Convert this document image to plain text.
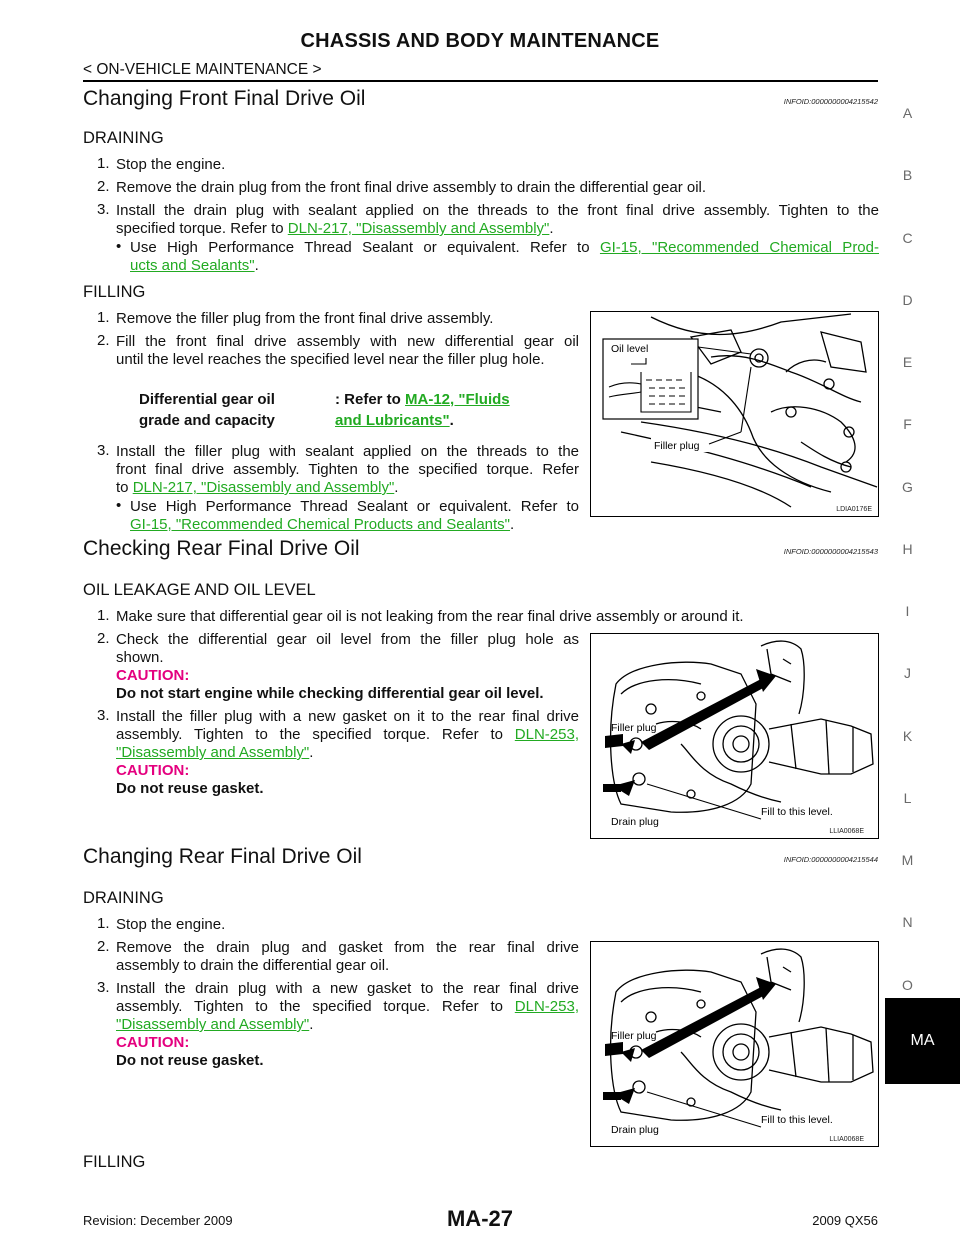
CHASSIS AND BODY MAINTENANCE
< ON-VEHICLE MAINTENANCE >
A
B
C
D
E
F
G
H
I
J
K
L
M
N
O
MA
Changing Front Final Drive Oil	INFOID:0000000004215542
DRAINING
1. Stop the engine.
2. Remove the drain plug from the front final drive assembly to drain the differential gear oil.
3. Install the drain plug with sealant applied on the threads to the front final drive assembly. Tighten to the
specified torque. Refer to DLN-217, "Disassembly and Assembly".
• Use High Performance Thread Sealant or equivalent. Refer to GI-15, "Recommended Chemical Prod-
ucts and Sealants".
FILLING
1. Remove the filler plug from the front final drive assembly.
2. Fill the front final drive assembly with new differential gear oil
until the level reaches the specified level near the filler plug hole.
Differential gear oil
grade and capacity
: Refer to MA-12, "Fluids
and Lubricants".
3. Install the filler plug with sealant applied on the threads to the
front final drive assembly. Tighten to the specified torque. Refer
to DLN-217, "Disassembly and Assembly".
• Use High Performance Thread Sealant or equivalent. Refer to
GI-15, "Recommended Chemical Products and Sealants".
Oil level
Filler plug
LDIA0176E
Checking Rear Final Drive Oil	INFOID:0000000004215543
OIL LEAKAGE AND OIL LEVEL
1. Make sure that differential gear oil is not leaking from the rear final drive assembly or around it.
2. Check the differential gear oil level from the filler plug hole as
shown.
CAUTION:
Do not start engine while checking differential gear oil level.
3. Install the filler plug with a new gasket on it to the rear final drive
assembly. Tighten to the specified torque. Refer to DLN-253,
"Disassembly and Assembly".
CAUTION:
Do not reuse gasket.
Filler plug
Drain plug
Fill to this level.
LLIA0068E
Changing Rear Final Drive Oil	INFOID:0000000004215544
DRAINING
1. Stop the engine.
2. Remove the drain plug and gasket from the rear final drive
assembly to drain the differential gear oil.
3. Install the drain plug with a new gasket to the rear final drive
assembly. Tighten to the specified torque. Refer to DLN-253,
"Disassembly and Assembly".
CAUTION:
Do not reuse gasket.
Filler plug
Drain plug
Fill to this level.
LLIA0068E
FILLING
Revision: December 2009	MA-27	2009 QX56
